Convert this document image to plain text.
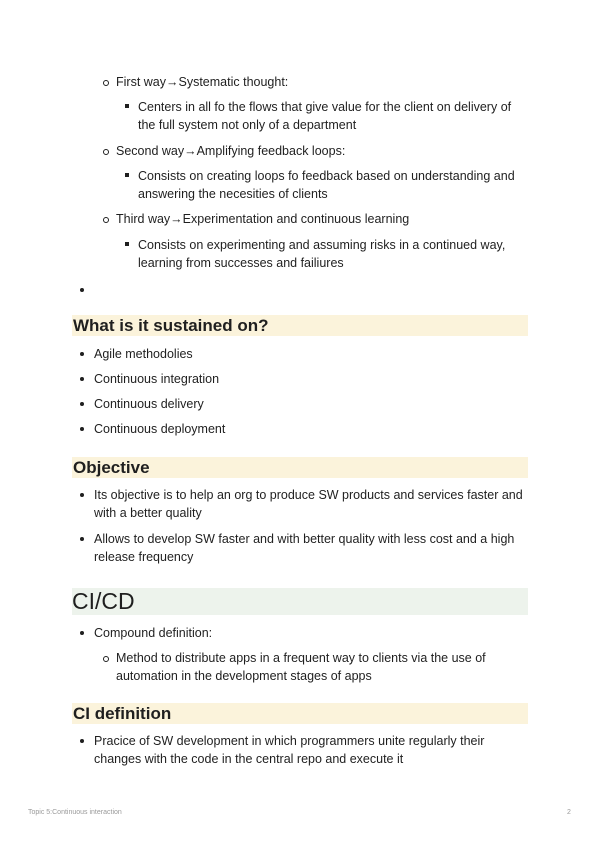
First way→Systematic thought:
Centers in all fo the flows that give value for the client on delivery of the full system not only of a department
Second way→Amplifying feedback loops:
Consists on creating loops fo feedback based on understanding and answering the necesities of clients
Third way→Experimentation and continuous learning
Consists on experimenting and assuming risks in a continued way, learning from successes and failiures
What is it sustained on?
Agile methodolies
Continuous integration
Continuous delivery
Continuous deployment
Objective
Its objective is to help an org to produce SW products and services faster and with a better quality
Allows to develop SW faster and with better quality with less cost and a high release frequency
CI/CD
Compound definition:
Method to distribute apps in a frequent way to clients via the use of automation in the development stages of apps
CI definition
Pracice of SW development in which programmers unite regularly their changes with the code in the central repo and execute it
Topic 5:Continuous interaction	2
